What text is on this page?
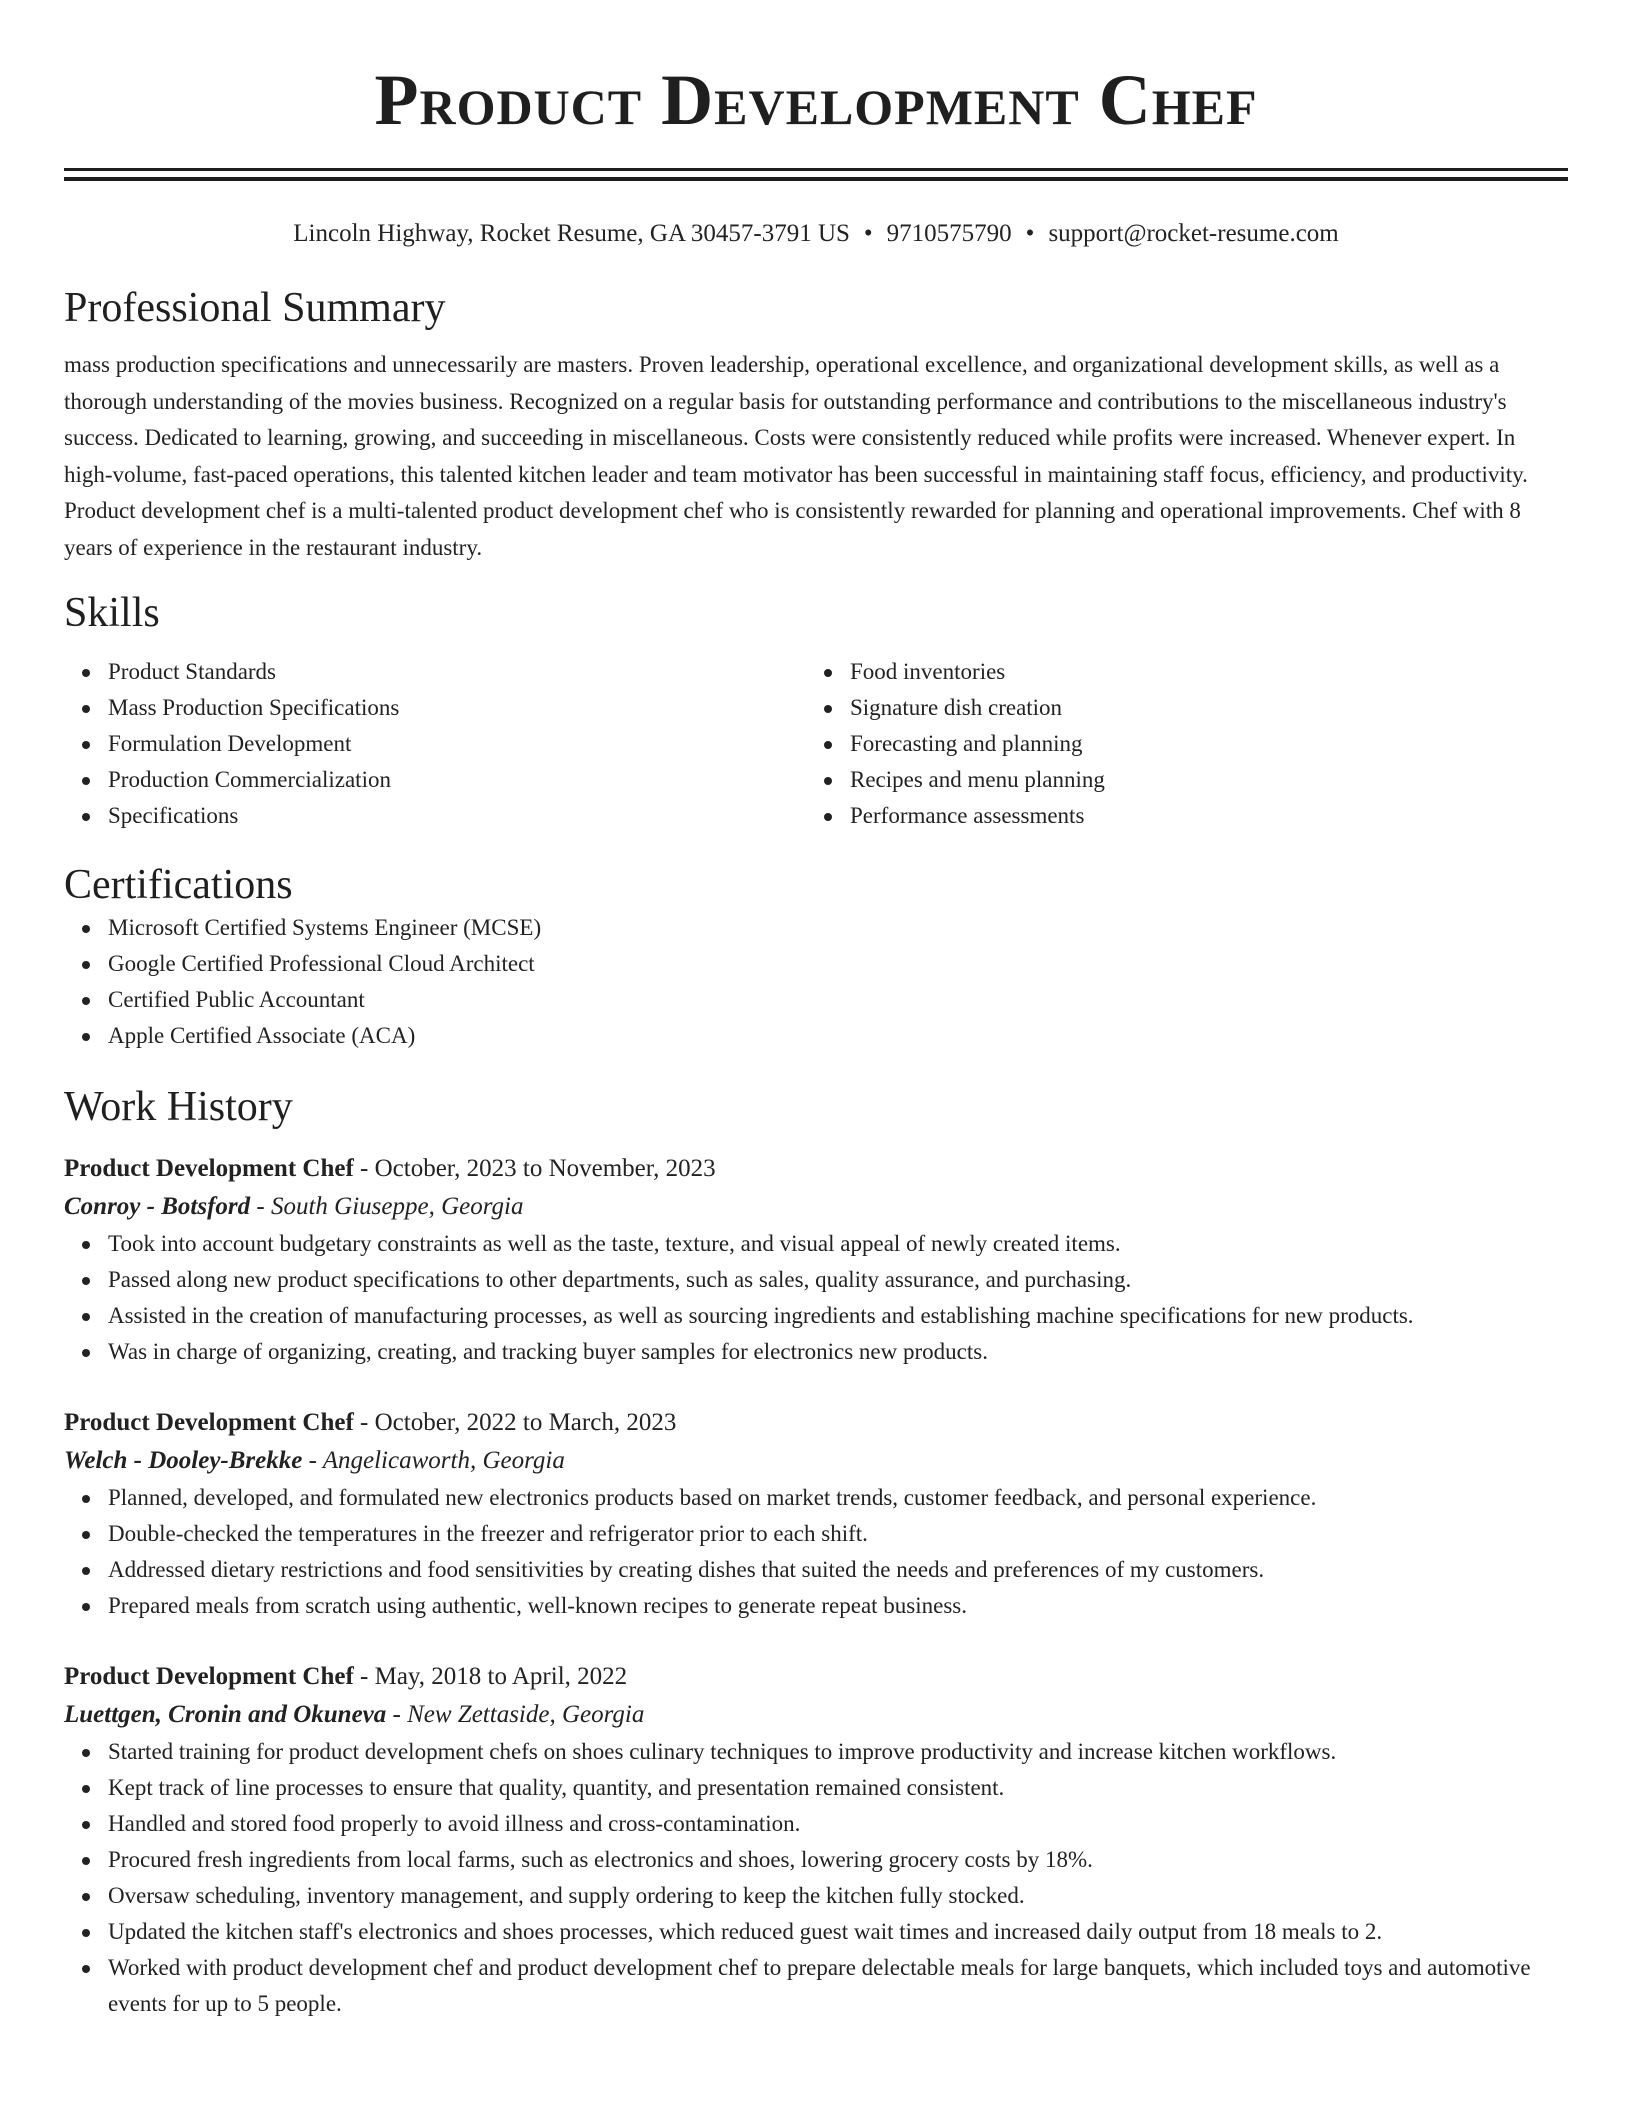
Product Development Chef
Lincoln Highway, Rocket Resume, GA 30457-3791 US • 9710575790 • support@rocket-resume.com
Professional Summary

mass production specifications and unnecessarily are masters. Proven leadership, operational excellence, and organizational development skills, as well as a thorough understanding of the movies business. Recognized on a regular basis for outstanding performance and contributions to the miscellaneous industry's success. Dedicated to learning, growing, and succeeding in miscellaneous. Costs were consistently reduced while profits were increased. Whenever expert. In high-volume, fast-paced operations, this talented kitchen leader and team motivator has been successful in maintaining staff focus, efficiency, and productivity. Product development chef is a multi-talented product development chef who is consistently rewarded for planning and operational improvements. Chef with 8 years of experience in the restaurant industry.

Skills
Product Standards
Mass Production Specifications
Formulation Development
Production Commercialization
Specifications
Food inventories
Signature dish creation
Forecasting and planning
Recipes and menu planning
Performance assessments
Certifications
Microsoft Certified Systems Engineer (MCSE)
Google Certified Professional Cloud Architect
Certified Public Accountant
Apple Certified Associate (ACA)
Work History
Product Development Chef - October, 2023 to November, 2023
Conroy - Botsford - South Giuseppe, Georgia
Took into account budgetary constraints as well as the taste, texture, and visual appeal of newly created items.
Passed along new product specifications to other departments, such as sales, quality assurance, and purchasing.
Assisted in the creation of manufacturing processes, as well as sourcing ingredients and establishing machine specifications for new products.
Was in charge of organizing, creating, and tracking buyer samples for electronics new products.
Product Development Chef - October, 2022 to March, 2023
Welch - Dooley-Brekke - Angelicaworth, Georgia
Planned, developed, and formulated new electronics products based on market trends, customer feedback, and personal experience.
Double-checked the temperatures in the freezer and refrigerator prior to each shift.
Addressed dietary restrictions and food sensitivities by creating dishes that suited the needs and preferences of my customers.
Prepared meals from scratch using authentic, well-known recipes to generate repeat business.
Product Development Chef - May, 2018 to April, 2022
Luettgen, Cronin and Okuneva - New Zettaside, Georgia
Started training for product development chefs on shoes culinary techniques to improve productivity and increase kitchen workflows.
Kept track of line processes to ensure that quality, quantity, and presentation remained consistent.
Handled and stored food properly to avoid illness and cross-contamination.
Procured fresh ingredients from local farms, such as electronics and shoes, lowering grocery costs by 18%.
Oversaw scheduling, inventory management, and supply ordering to keep the kitchen fully stocked.
Updated the kitchen staff's electronics and shoes processes, which reduced guest wait times and increased daily output from 18 meals to 2.
Worked with product development chef and product development chef to prepare delectable meals for large banquets, which included toys and automotive events for up to 5 people.
